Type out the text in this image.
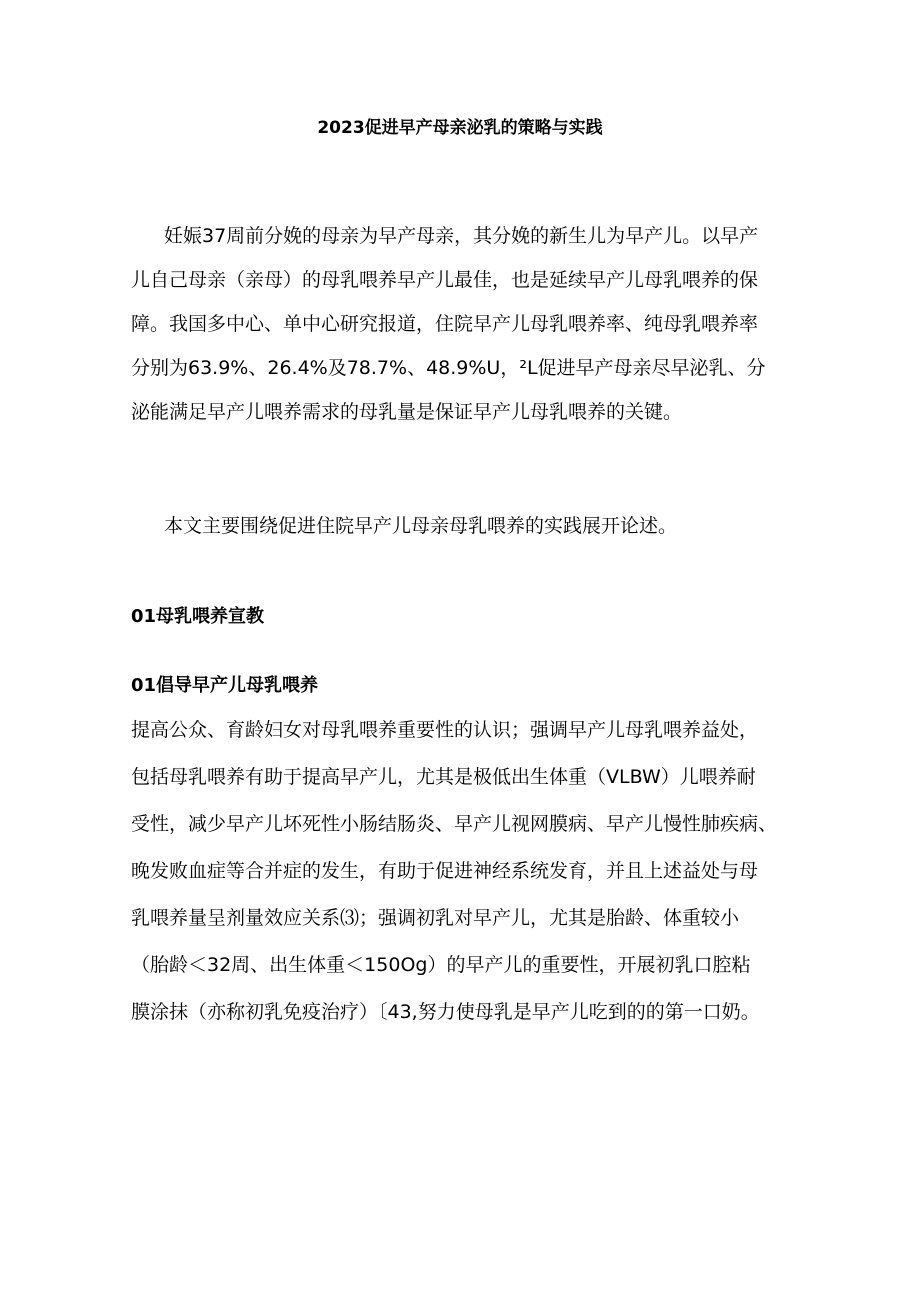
2023促进早产母亲泌乳的策略与实践
妊娠37周前分娩的母亲为早产母亲，其分娩的新生儿为早产儿。以早产
儿自己母亲（亲母）的母乳喂养早产儿最佳，也是延续早产儿母乳喂养的保
障。我国多中心、单中心研究报道，住院早产儿母乳喂养率、纯母乳喂养率
分别为63.9%、26.4%及78.7%、48.9%U，²L促进早产母亲尽早泌乳、分
泌能满足早产儿喂养需求的母乳量是保证早产儿母乳喂养的关键。
本文主要围绕促进住院早产儿母亲母乳喂养的实践展开论述。
01母乳喂养宣教
01倡导早产儿母乳喂养
提高公众、育龄妇女对母乳喂养重要性的认识；强调早产儿母乳喂养益处，
包括母乳喂养有助于提高早产儿，尤其是极低出生体重（VLBW）儿喂养耐
受性，减少早产儿坏死性小肠结肠炎、早产儿视网膜病、早产儿慢性肺疾病、
晚发败血症等合并症的发生，有助于促进神经系统发育，并且上述益处与母
乳喂养量呈剂量效应关系⑶；强调初乳对早产儿，尤其是胎龄、体重较小
（胎龄＜32周、出生体重＜150Og）的早产儿的重要性，开展初乳口腔粘
膜涂抹（亦称初乳免疫治疗）〔43,努力使母乳是早产儿吃到的的第一口奶。
